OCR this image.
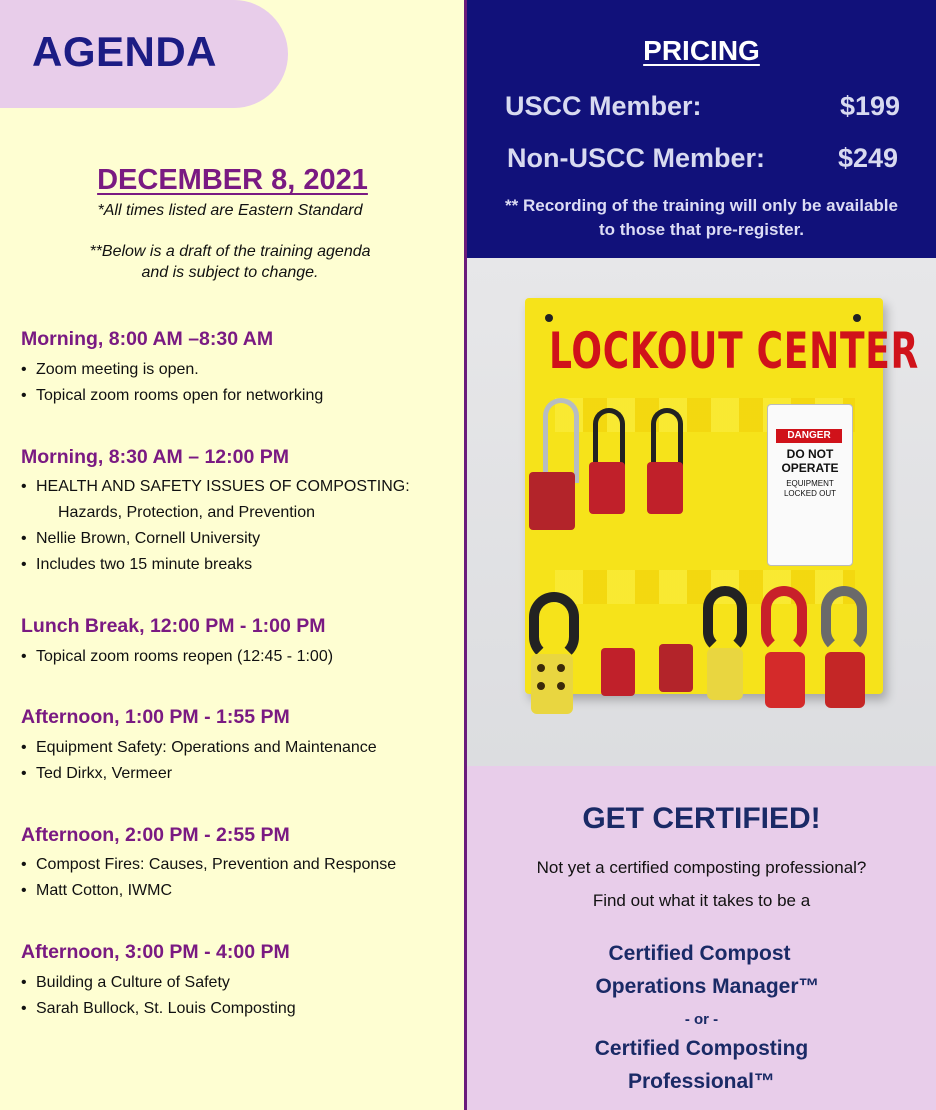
AGENDA
DECEMBER 8, 2021
*All times listed are Eastern Standard
**Below is a draft of the training agenda
and is subject to change.
Morning, 8:00 AM –8:30 AM
• Zoom meeting is open.
• Topical zoom rooms open for networking
Morning, 8:30 AM – 12:00 PM
• HEALTH AND SAFETY ISSUES OF COMPOSTING:
Hazards, Protection, and Prevention
• Nellie Brown, Cornell University
• Includes two 15 minute breaks
Lunch Break, 12:00 PM - 1:00 PM
• Topical zoom rooms reopen (12:45 - 1:00)
Afternoon, 1:00 PM - 1:55 PM
• Equipment Safety: Operations and Maintenance
• Ted Dirkx, Vermeer
Afternoon, 2:00 PM - 2:55 PM
• Compost Fires: Causes, Prevention and Response
• Matt Cotton, IWMC
Afternoon, 3:00 PM - 4:00 PM
• Building a Culture of Safety
• Sarah Bullock, St. Louis Composting
PRICING
USCC Member:	$199
Non-USCC Member:	$249
** Recording of the training will only be available
to those that pre-register.
LOCKOUT CENTER
DANGER
DO NOT
OPERATE
EQUIPMENT
LOCKED OUT
GET CERTIFIED!
Not yet a certified composting professional?
Find out what it takes to be a
Certified Compost
Operations Manager™
- or -
Certified Composting
Professional™
